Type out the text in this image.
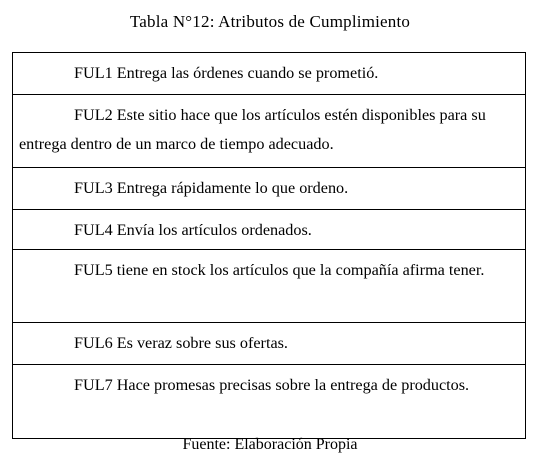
Tabla N°12: Atributos de Cumplimiento
FUL1 Entrega las órdenes cuando se prometió.
FUL2 Este sitio hace que los artículos estén disponibles para su entrega dentro de un marco de tiempo adecuado.
FUL3 Entrega rápidamente lo que ordeno.
FUL4 Envía los artículos ordenados.
FUL5 tiene en stock los artículos que la compañía afirma tener.
FUL6 Es veraz sobre sus ofertas.
FUL7 Hace promesas precisas sobre la entrega de productos.
Fuente: Elaboración Propia
